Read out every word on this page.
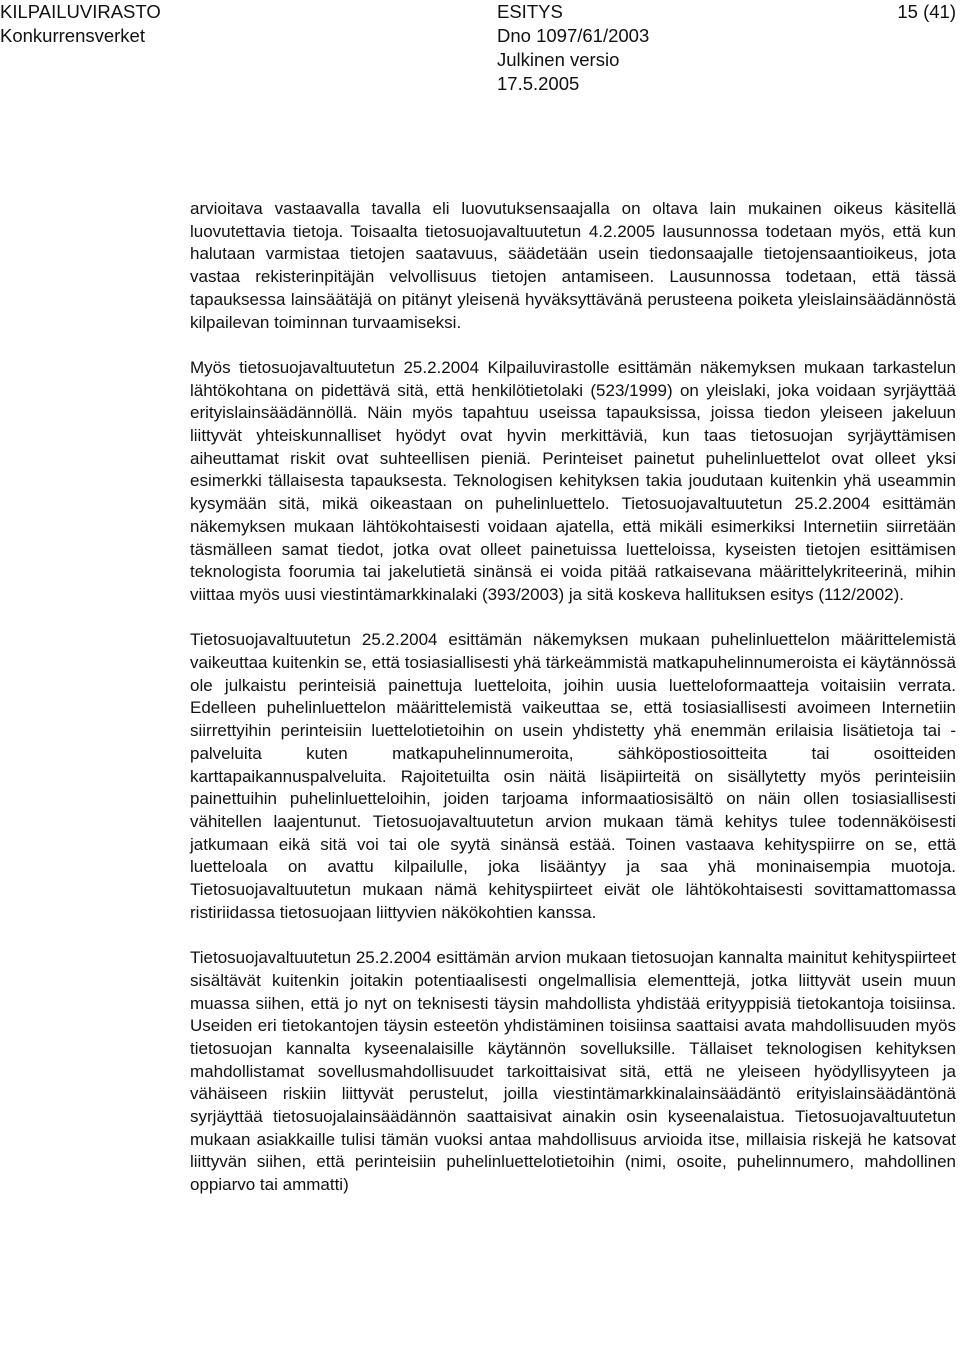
KILPAILUVIRASTO
Konkurrensverket
ESITYS
Dno 1097/61/2003
Julkinen versio
17.5.2005
15 (41)

arvioitava vastaavalla tavalla eli luovutuksensaajalla on oltava lain mukainen oikeus käsitellä luovutettavia tietoja. Toisaalta tietosuojavaltuutetun 4.2.2005 lausunnossa todetaan myös, että kun halutaan varmistaa tietojen saatavuus, säädetään usein tiedonsaajalle tietojensaantioikeus, jota vastaa rekisterinpitäjän velvollisuus tietojen antamiseen. Lausunnossa todetaan, että tässä tapauksessa lainsäätäjä on pitänyt yleisenä hyväksyttävänä perusteena poiketa yleislainsäädännöstä kilpailevan toiminnan turvaamiseksi.

Myös tietosuojavaltuutetun 25.2.2004 Kilpailuvirastolle esittämän näkemyksen mukaan tarkastelun lähtökohtana on pidettävä sitä, että henkilötietolaki (523/1999) on yleislaki, joka voidaan syrjäyttää erityislainsäädännöllä. Näin myös tapahtuu useissa tapauksissa, joissa tiedon yleiseen jakeluun liittyvät yhteiskunnalliset hyödyt ovat hyvin merkittäviä, kun taas tietosuojan syrjäyttämisen aiheuttamat riskit ovat suhteellisen pieniä. Perinteiset painetut puhelinluettelot ovat olleet yksi esimerkki tällaisesta tapauksesta. Teknologisen kehityksen takia joudutaan kuitenkin yhä useammin kysymään sitä, mikä oikeastaan on puhelinluettelo. Tietosuojavaltuutetun 25.2.2004 esittämän näkemyksen mukaan lähtökohtaisesti voidaan ajatella, että mikäli esimerkiksi Internetiin siirretään täsmälleen samat tiedot, jotka ovat olleet painetuissa luetteloissa, kyseisten tietojen esittämisen teknologista foorumia tai jakelutietä sinänsä ei voida pitää ratkaisevana määrittelykriteerinä, mihin viittaa myös uusi viestintämarkkinalaki (393/2003) ja sitä koskeva hallituksen esitys (112/2002).

Tietosuojavaltuutetun 25.2.2004 esittämän näkemyksen mukaan puhelinluettelon määrittelemistä vaikeuttaa kuitenkin se, että tosiasiallisesti yhä tärkeämmistä matkapuhelinnumeroista ei käytännössä ole julkaistu perinteisiä painettuja luetteloita, joihin uusia luetteloformaatteja voitaisiin verrata. Edelleen puhelinluettelon määrittelemistä vaikeuttaa se, että tosiasiallisesti avoimeen Internetiin siirrettyihin perinteisiin luettelotietoihin on usein yhdistetty yhä enemmän erilaisia lisätietoja tai -palveluita kuten matkapuhelinnumeroita, sähköpostiosoitteita tai osoitteiden karttapaikannuspalveluita. Rajoitetuilta osin näitä lisäpiirteitä on sisällytetty myös perinteisiin painettuihin puhelinluetteloihin, joiden tarjoama informaatiosisältö on näin ollen tosiasiallisesti vähitellen laajentunut. Tietosuojavaltuutetun arvion mukaan tämä kehitys tulee todennäköisesti jatkumaan eikä sitä voi tai ole syytä sinänsä estää. Toinen vastaava kehityspiirre on se, että luetteloala on avattu kilpailulle, joka lisääntyy ja saa yhä moninaisempia muotoja. Tietosuojavaltuutetun mukaan nämä kehityspiirteet eivät ole lähtökohtaisesti sovittamattomassa ristiriidassa tietosuojaan liittyvien näkökohtien kanssa.

Tietosuojavaltuutetun 25.2.2004 esittämän arvion mukaan tietosuojan kannalta mainitut kehityspiirteet sisältävät kuitenkin joitakin potentiaalisesti ongelmallisia elementtejä, jotka liittyvät usein muun muassa siihen, että jo nyt on teknisesti täysin mahdollista yhdistää erityyppisiä tietokantoja toisiinsa. Useiden eri tietokantojen täysin esteetön yhdistäminen toisiinsa saattaisi avata mahdollisuuden myös tietosuojan kannalta kyseenalaisille käytännön sovelluksille. Tällaiset teknologisen kehityksen mahdollistamat sovellusmahdollisuudet tarkoittaisivat sitä, että ne yleiseen hyödyllisyyteen ja vähäiseen riskiin liittyvät perustelut, joilla viestintämarkkinalainsäädäntö erityislainsäädäntönä syrjäyttää tietosuojalainsäädännön saattaisivat ainakin osin kyseenalaistua. Tietosuojavaltuutetun mukaan asiakkaille tulisi tämän vuoksi antaa mahdollisuus arvioida itse, millaisia riskejä he katsovat liittyvän siihen, että perinteisiin puhelinluettelotietoihin (nimi, osoite, puhelinnumero, mahdollinen oppiarvo tai ammatti)
